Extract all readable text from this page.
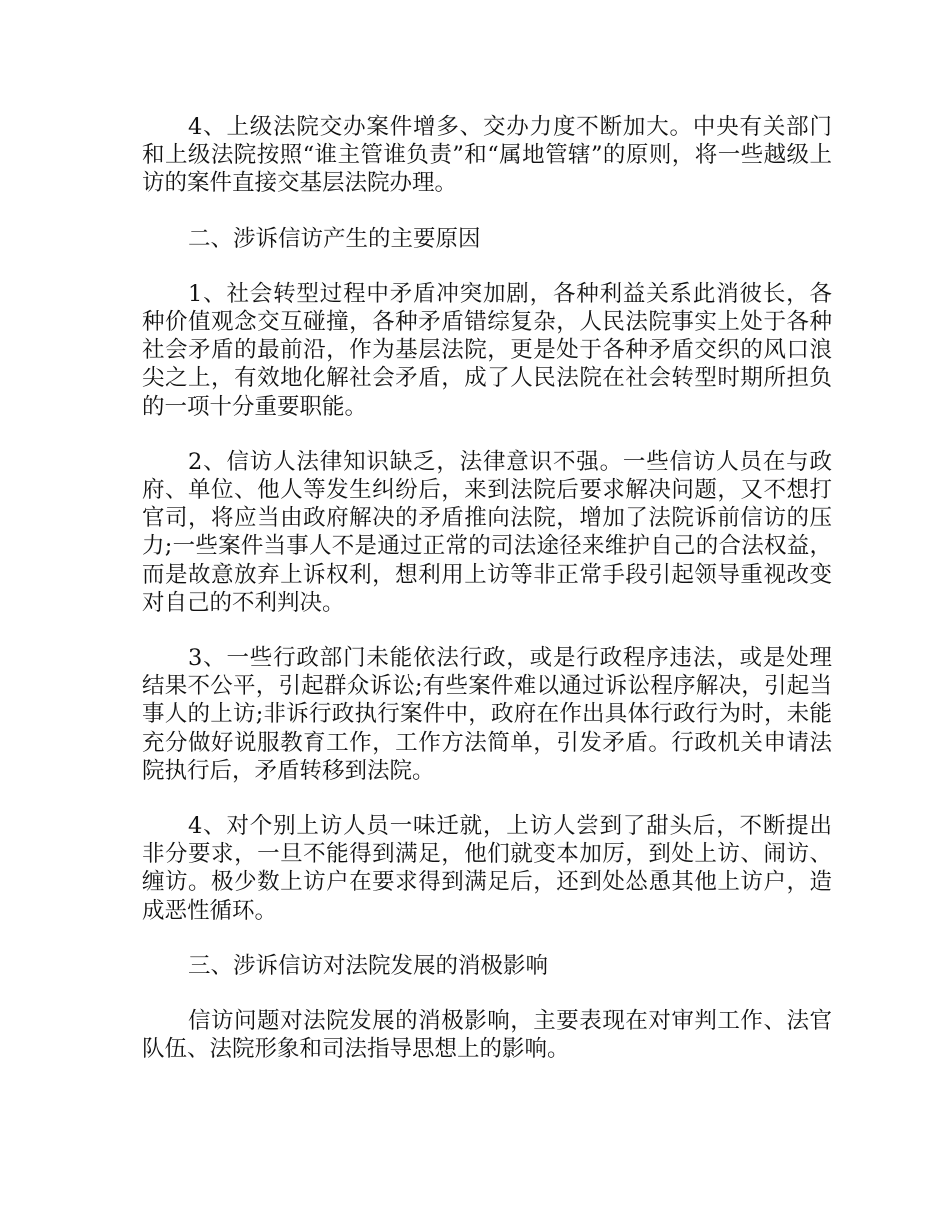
4、上级法院交办案件增多、交办力度不断加大。中央有关部门和上级法院按照“谁主管谁负责”和“属地管辖”的原则，将一些越级上访的案件直接交基层法院办理。

二、涉诉信访产生的主要原因

1、社会转型过程中矛盾冲突加剧，各种利益关系此消彼长，各种价值观念交互碰撞，各种矛盾错综复杂，人民法院事实上处于各种社会矛盾的最前沿，作为基层法院，更是处于各种矛盾交织的风口浪尖之上，有效地化解社会矛盾，成了人民法院在社会转型时期所担负的一项十分重要职能。

2、信访人法律知识缺乏，法律意识不强。一些信访人员在与政府、单位、他人等发生纠纷后，来到法院后要求解决问题，又不想打官司，将应当由政府解决的矛盾推向法院，增加了法院诉前信访的压力;一些案件当事人不是通过正常的司法途径来维护自己的合法权益，而是故意放弃上诉权利，想利用上访等非正常手段引起领导重视改变对自己的不利判决。

3、一些行政部门未能依法行政，或是行政程序违法，或是处理结果不公平，引起群众诉讼;有些案件难以通过诉讼程序解决，引起当事人的上访;非诉行政执行案件中，政府在作出具体行政行为时，未能充分做好说服教育工作，工作方法简单，引发矛盾。行政机关申请法院执行后，矛盾转移到法院。

4、对个别上访人员一味迁就，上访人尝到了甜头后，不断提出非分要求，一旦不能得到满足，他们就变本加厉，到处上访、闹访、缠访。极少数上访户在要求得到满足后，还到处怂恿其他上访户，造成恶性循环。

三、涉诉信访对法院发展的消极影响

信访问题对法院发展的消极影响，主要表现在对审判工作、法官队伍、法院形象和司法指导思想上的影响。
